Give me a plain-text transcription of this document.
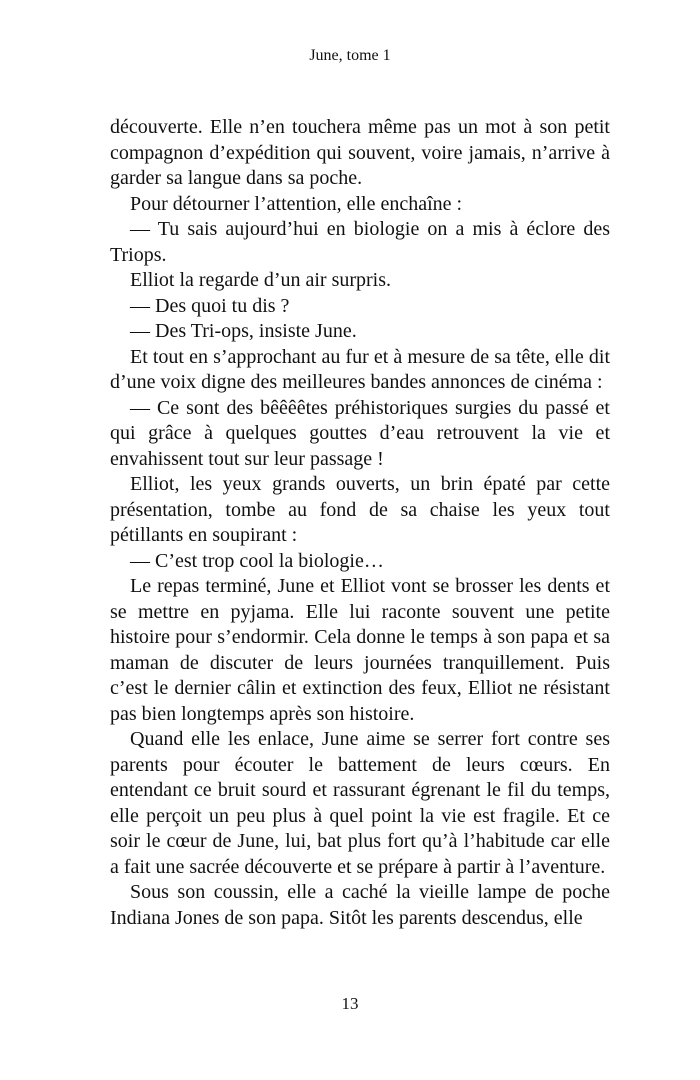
June, tome 1

découverte. Elle n’en touchera même pas un mot à son petit compagnon d’expédition qui souvent, voire jamais, n’arrive à garder sa langue dans sa poche.

Pour détourner l’attention, elle enchaîne :

— Tu sais aujourd’hui en biologie on a mis à éclore des Triops.

Elliot la regarde d’un air surpris.

— Des quoi tu dis ?

— Des Tri-ops, insiste June.

Et tout en s’approchant au fur et à mesure de sa tête, elle dit d’une voix digne des meilleures bandes annonces de cinéma :

— Ce sont des bêêêêtes préhistoriques surgies du passé et qui grâce à quelques gouttes d’eau retrouvent la vie et envahissent tout sur leur passage !

Elliot, les yeux grands ouverts, un brin épaté par cette présentation, tombe au fond de sa chaise les yeux tout pétillants en soupirant :

— C’est trop cool la biologie…

Le repas terminé, June et Elliot vont se brosser les dents et se mettre en pyjama. Elle lui raconte souvent une petite histoire pour s’endormir. Cela donne le temps à son papa et sa maman de discuter de leurs journées tranquillement. Puis c’est le dernier câlin et extinction des feux, Elliot ne résistant pas bien longtemps après son histoire.

Quand elle les enlace, June aime se serrer fort contre ses parents pour écouter le battement de leurs cœurs. En entendant ce bruit sourd et rassurant égrenant le fil du temps, elle perçoit un peu plus à quel point la vie est fragile. Et ce soir le cœur de June, lui, bat plus fort qu’à l’habitude car elle a fait une sacrée découverte et se prépare à partir à l’aventure.

Sous son coussin, elle a caché la vieille lampe de poche Indiana Jones de son papa. Sitôt les parents descendus, elle

13
